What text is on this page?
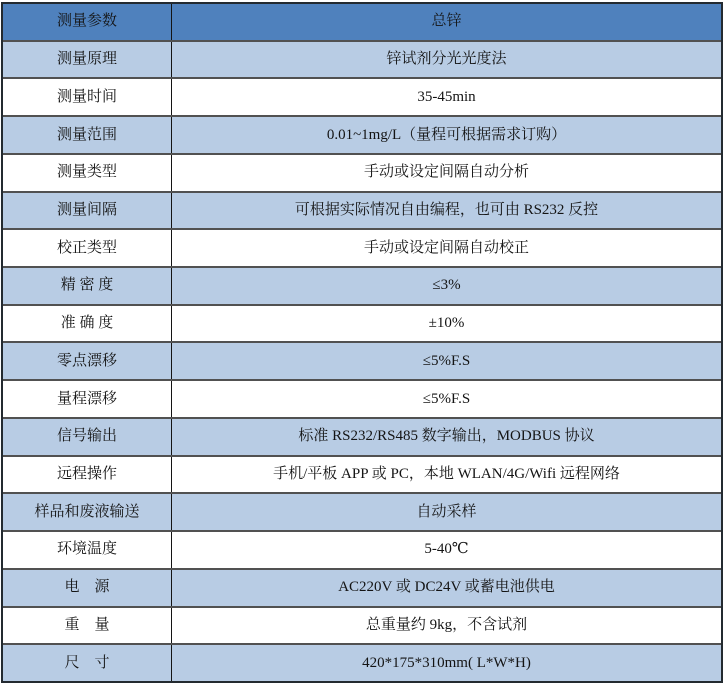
测量参数	总锌
测量原理	锌试剂分光光度法
测量时间	35-45min
测量范围	0.01~1mg/L（量程可根据需求订购）
测量类型	手动或设定间隔自动分析
测量间隔	可根据实际情况自由编程，也可由 RS232 反控
校正类型	手动或设定间隔自动校正
精 密 度	≤3%
准 确 度	±10%
零点漂移	≤5%F.S
量程漂移	≤5%F.S
信号输出	标准 RS232/RS485 数字输出，MODBUS 协议
远程操作	手机/平板 APP 或 PC，本地 WLAN/4G/Wifi 远程网络
样品和废液输送	自动采样
环境温度	5-40℃
电　源	AC220V 或 DC24V 或蓄电池供电
重　量	总重量约 9kg，不含试剂
尺　寸	420*175*310mm( L*W*H)
